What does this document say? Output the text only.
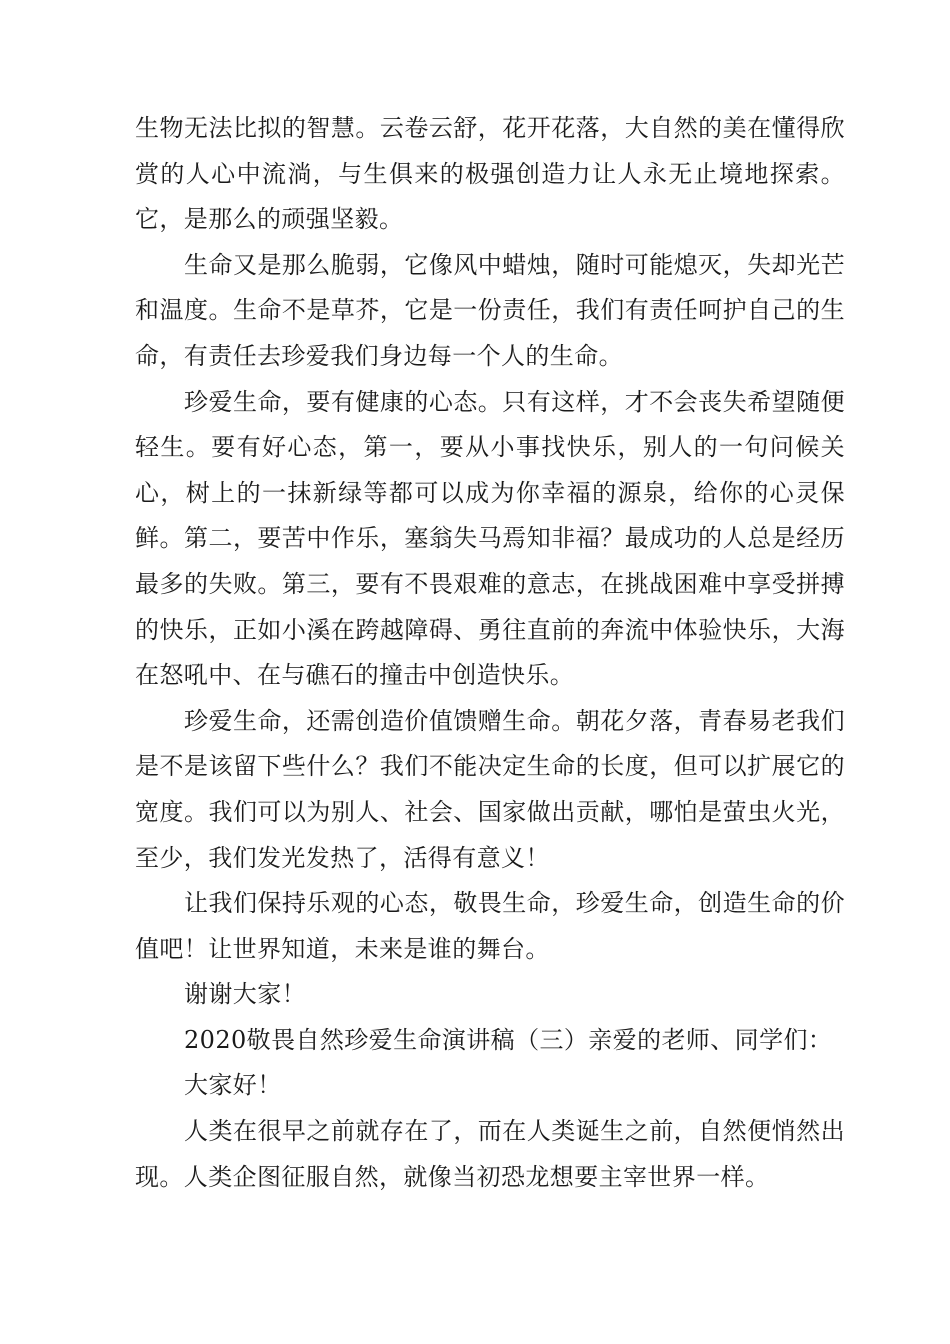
生物无法比拟的智慧。云卷云舒，花开花落，大自然的美在懂得欣赏的人心中流淌，与生俱来的极强创造力让人永无止境地探索。它，是那么的顽强坚毅。

生命又是那么脆弱，它像风中蜡烛，随时可能熄灭，失却光芒和温度。生命不是草芥，它是一份责任，我们有责任呵护自己的生命，有责任去珍爱我们身边每一个人的生命。

珍爱生命，要有健康的心态。只有这样，才不会丧失希望随便轻生。要有好心态，第一，要从小事找快乐，别人的一句问候关心，树上的一抹新绿等都可以成为你幸福的源泉，给你的心灵保鲜。第二，要苦中作乐，塞翁失马焉知非福？最成功的人总是经历最多的失败。第三，要有不畏艰难的意志，在挑战困难中享受拼搏的快乐，正如小溪在跨越障碍、勇往直前的奔流中体验快乐，大海在怒吼中、在与礁石的撞击中创造快乐。

珍爱生命，还需创造价值馈赠生命。朝花夕落，青春易老我们是不是该留下些什么？我们不能决定生命的长度，但可以扩展它的宽度。我们可以为别人、社会、国家做出贡献，哪怕是萤虫火光，至少，我们发光发热了，活得有意义！

让我们保持乐观的心态，敬畏生命，珍爱生命，创造生命的价值吧！让世界知道，未来是谁的舞台。

谢谢大家！

2020敬畏自然珍爱生命演讲稿（三）亲爱的老师、同学们：

大家好！

人类在很早之前就存在了，而在人类诞生之前，自然便悄然出现。人类企图征服自然，就像当初恐龙想要主宰世界一样。
